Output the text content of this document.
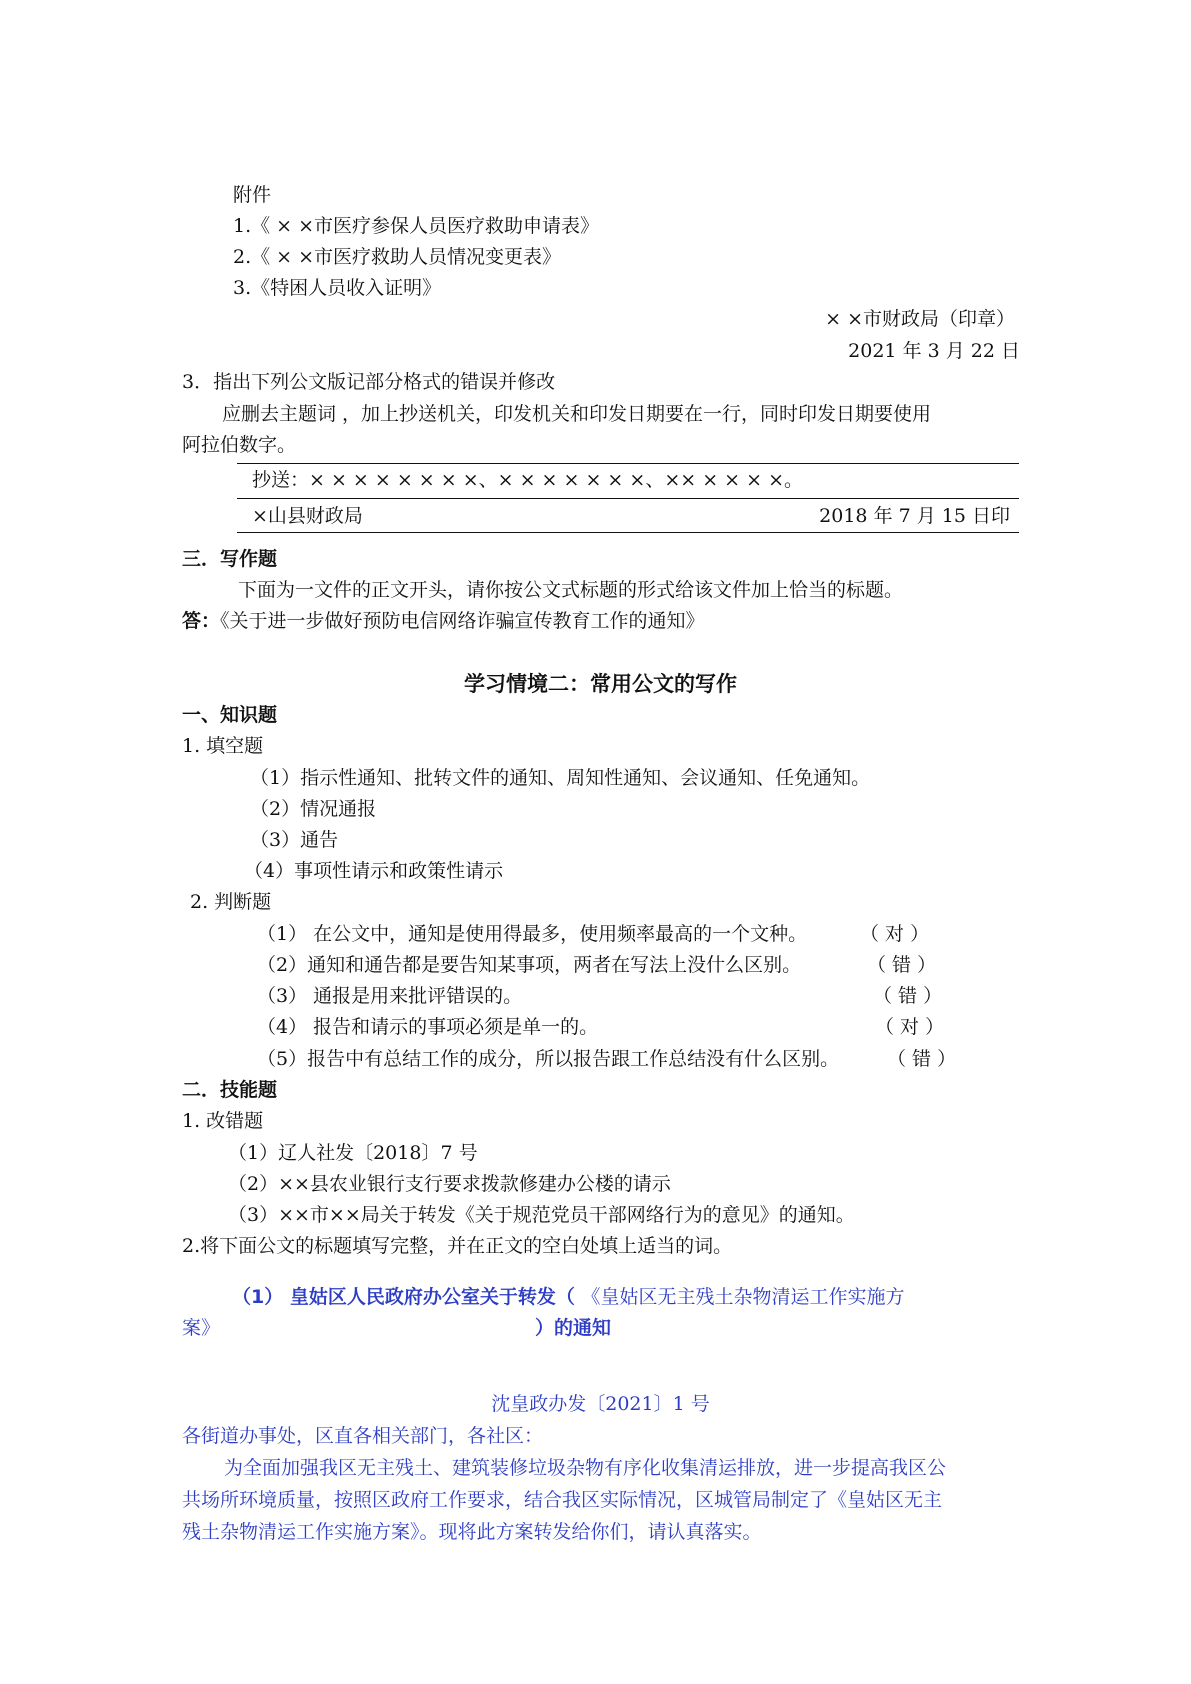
附件
1.《 × ×市医疗参保人员医疗救助申请表》
2.《 × ×市医疗救助人员情况变更表》
3.《特困人员收入证明》
× ×市财政局（印章）
2021 年 3 月 22 日
3．指出下列公文版记部分格式的错误并修改
应删去主题词 ，加上抄送机关，印发机关和印发日期要在一行，同时印发日期要使用
阿拉伯数字。
抄送：× × × × × × × ×、× × × × × × ×、×× × × × ×。
×山县财政局	2018 年 7 月 15 日印
三．写作题
下面为一文件的正文开头，请你按公文式标题的形式给该文件加上恰当的标题。
答：《关于进一步做好预防电信网络诈骗宣传教育工作的通知》
学习情境二：常用公文的写作
一、知识题
1. 填空题
（1）指示性通知、批转文件的通知、周知性通知、会议通知、任免通知。
（2）情况通报
（3）通告
（4）事项性请示和政策性请示
2. 判断题
（1） 在公文中，通知是使用得最多，使用频率最高的一个文种。	（ 对 ）
（2）通知和通告都是要告知某事项，两者在写法上没什么区别。	（ 错 ）
（3） 通报是用来批评错误的。	（ 错 ）
（4） 报告和请示的事项必须是单一的。	（ 对 ）
（5）报告中有总结工作的成分，所以报告跟工作总结没有什么区别。	（ 错 ）
二．技能题
1. 改错题
（1）辽人社发〔2018〕7 号
（2）××县农业银行支行要求拨款修建办公楼的请示
（3）××市××局关于转发《关于规范党员干部网络行为的意见》的通知。
2.将下面公文的标题填写完整，并在正文的空白处填上适当的词。
（1） 皇姑区人民政府办公室关于转发（ 《皇姑区无主残土杂物清运工作实施方
案》	）的通知
沈皇政办发〔2021〕1 号
各街道办事处，区直各相关部门，各社区：
为全面加强我区无主残土、建筑装修垃圾杂物有序化收集清运排放，进一步提高我区公
共场所环境质量，按照区政府工作要求，结合我区实际情况，区城管局制定了《皇姑区无主
残土杂物清运工作实施方案》。现将此方案转发给你们，请认真落实。
